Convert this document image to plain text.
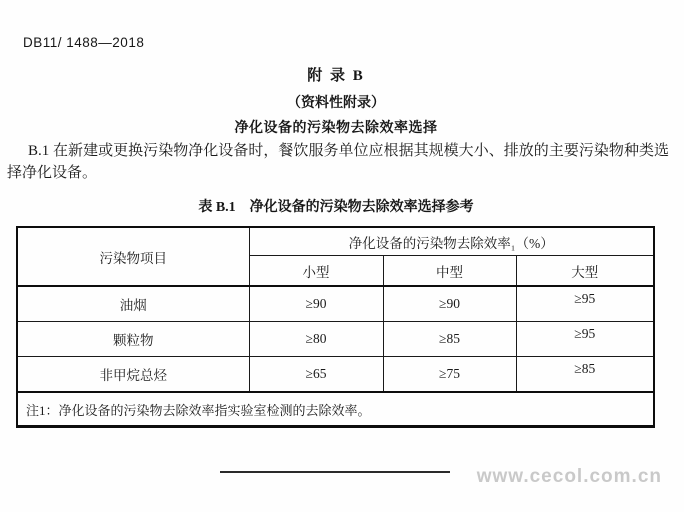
DB11/ 1488—2018
附 录 B
（资料性附录）
净化设备的污染物去除效率选择
B.1 在新建或更换污染物净化设备时，餐饮服务单位应根据其规模大小、排放的主要污染物种类选择净化设备。
表 B.1　净化设备的污染物去除效率选择参考
污染物项目	净化设备的污染物去除效率₁（%）		
	小型	中型	大型
油烟	≥90	≥90	≥95
颗粒物	≥80	≥85	≥95
非甲烷总烃	≥65	≥75	≥85
注1：净化设备的污染物去除效率指实验室检测的去除效率。			
www.cecol.com.cn
